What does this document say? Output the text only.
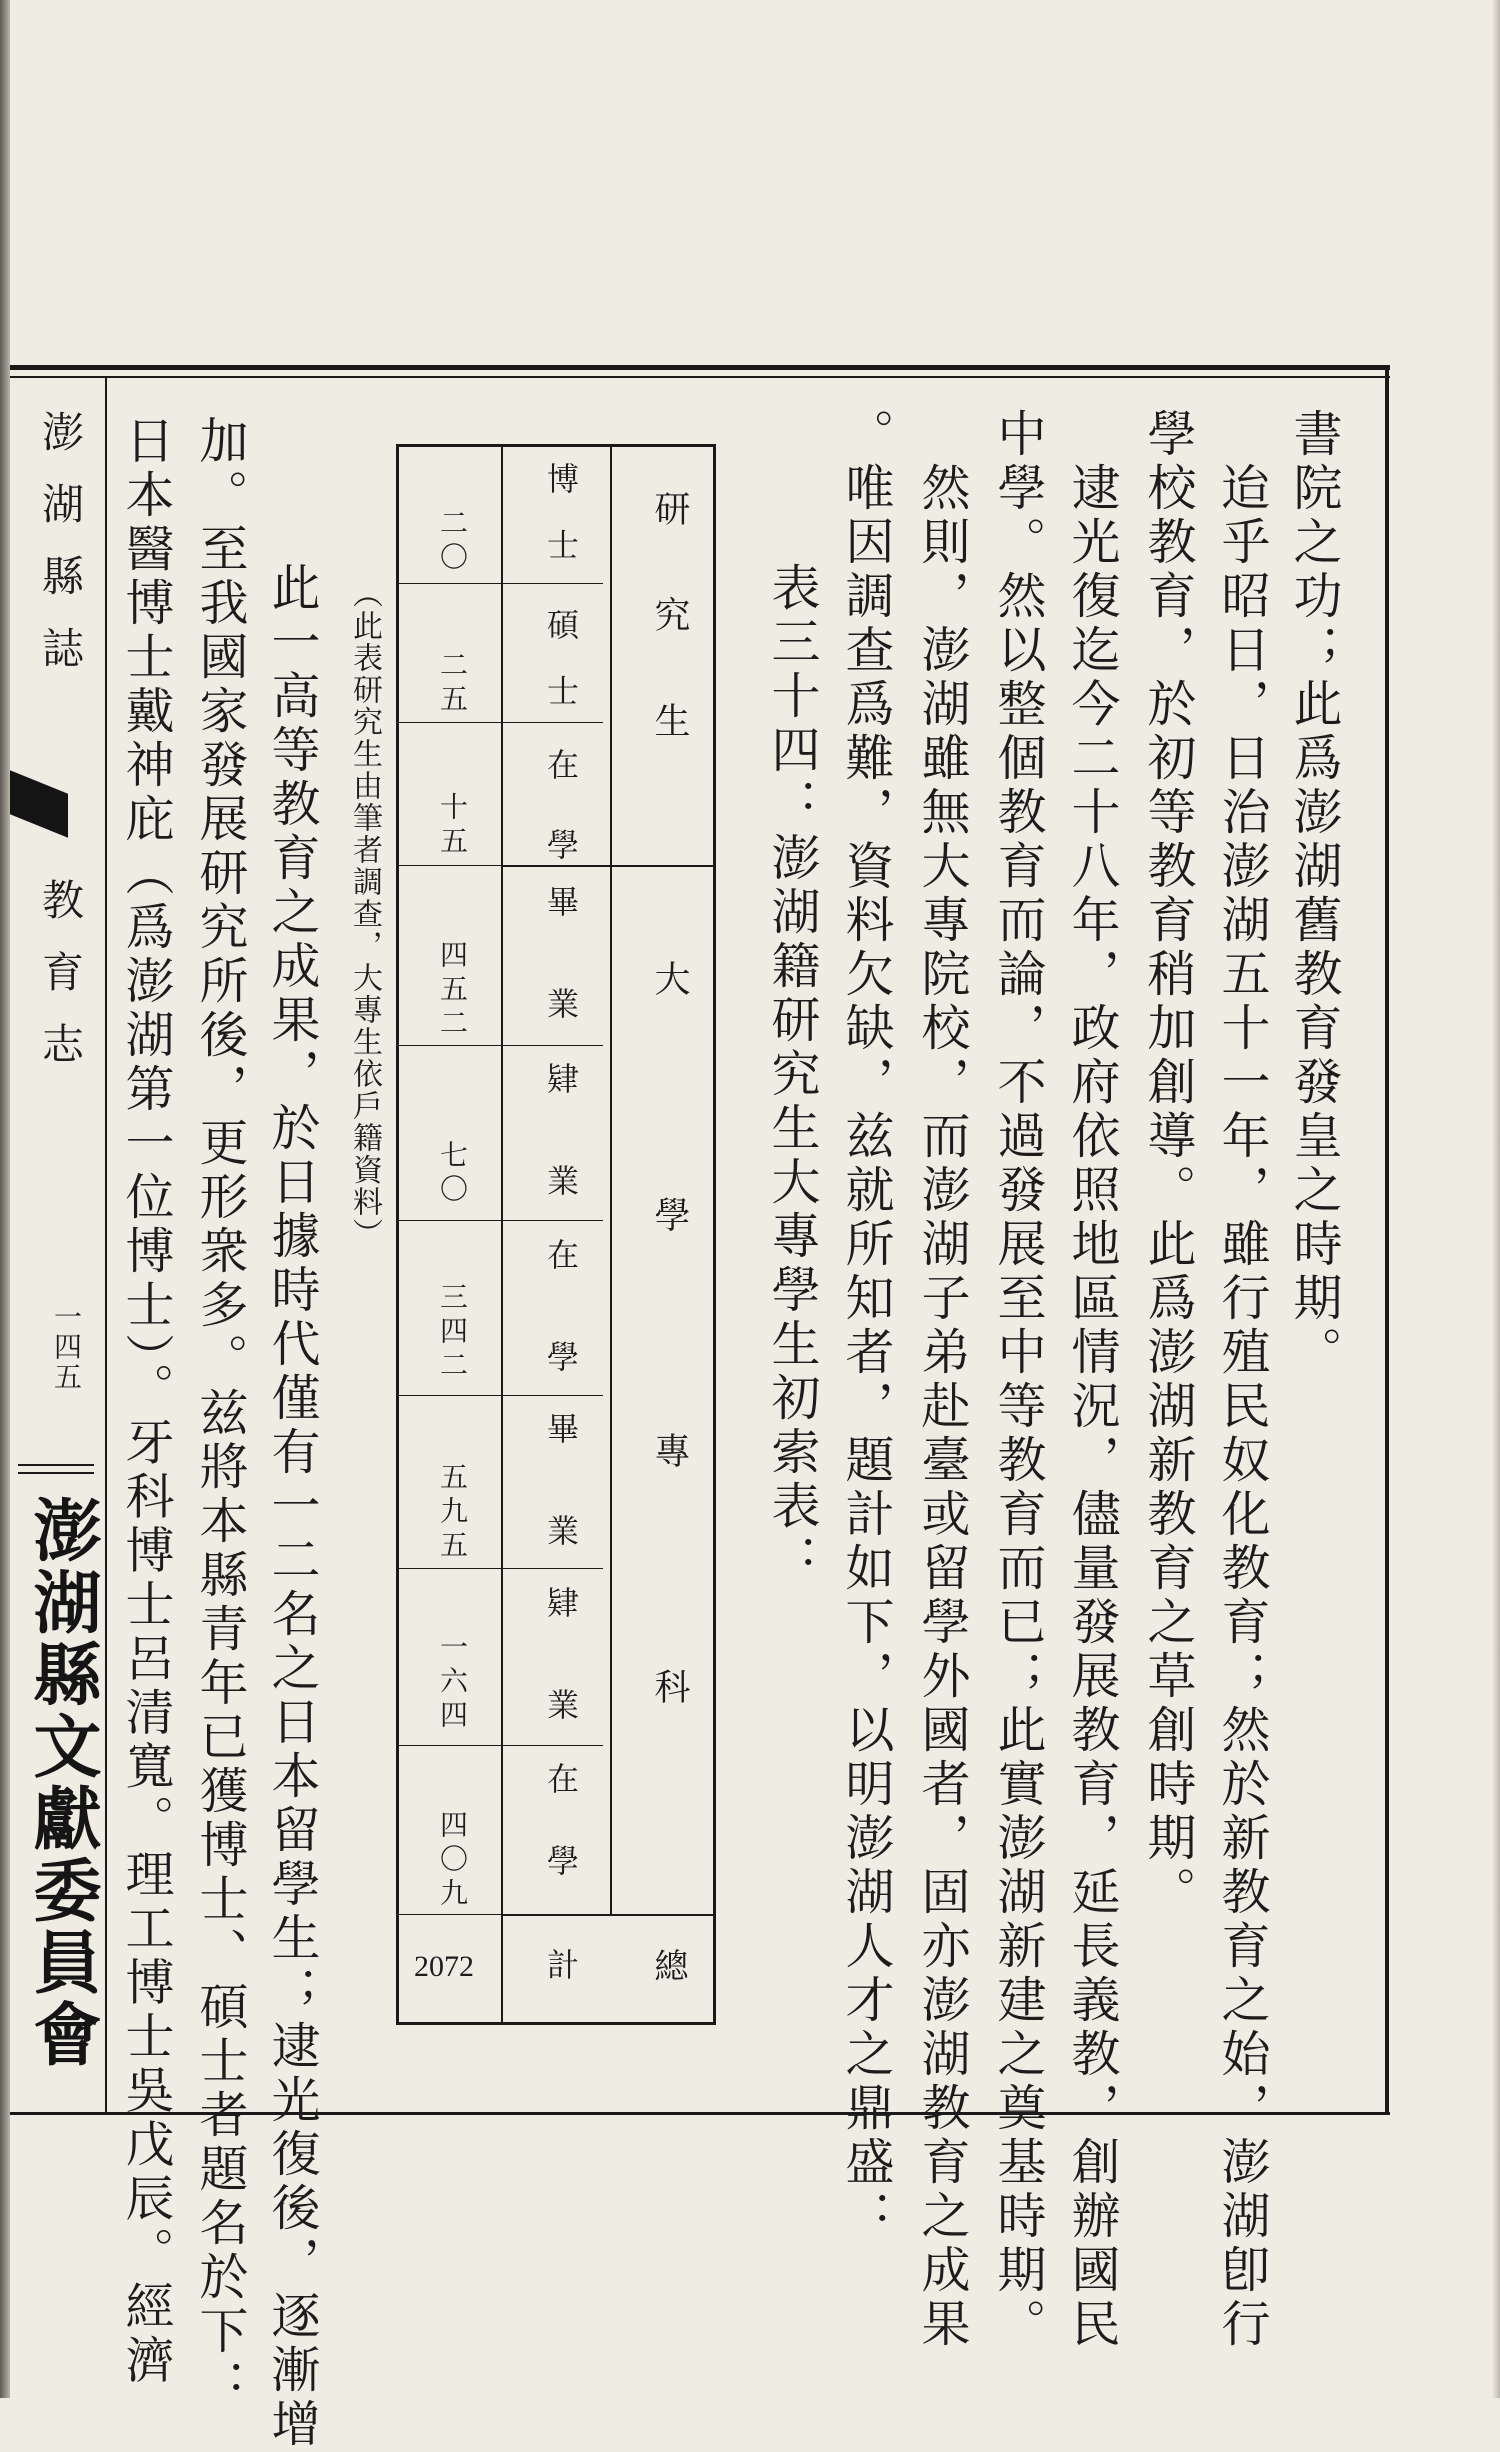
澎湖縣誌
教育志
一四五
澎湖縣文獻委員會
書院之功；此爲澎湖舊教育發皇之時期。
　迨乎昭日，日治澎湖五十一年，雖行殖民奴化教育；然於新教育之始，澎湖卽行
學校教育，於初等教育稍加創導。此爲澎湖新教育之草創時期。
　逮光復迄今二十八年，政府依照地區情況，儘量發展教育，延長義教，創辦國民
中學。然以整個教育而論，不過發展至中等教育而已；此實澎湖新建之奠基時期。
　然則，澎湖雖無大專院校，而澎湖子弟赴臺或留學外國者，固亦澎湖教育之成果
。唯因調查爲難，資料欠缺，兹就所知者，題計如下，以明澎湖人才之鼎盛：
　表三十四：澎湖籍研究生大專學生初索表：
研究生
大學專科
總
博士
碩士
在學
畢業
肄業
在學
畢業
肄業
在學
計
二〇
二五
十五
四五二
七〇
三四二
五九五
一六四
四〇九
2072
（此表研究生由筆者調查，大專生依戶籍資料）
　此一高等教育之成果，於日據時代僅有一二名之日本留學生；逮光復後，逐漸增
加。至我國家發展研究所後，更形衆多。兹將本縣青年已獲博士、碩士者題名於下：
日本醫博士戴神庇（爲澎湖第一位博士）。牙科博士呂清寬。理工博士吳戊辰。經濟
